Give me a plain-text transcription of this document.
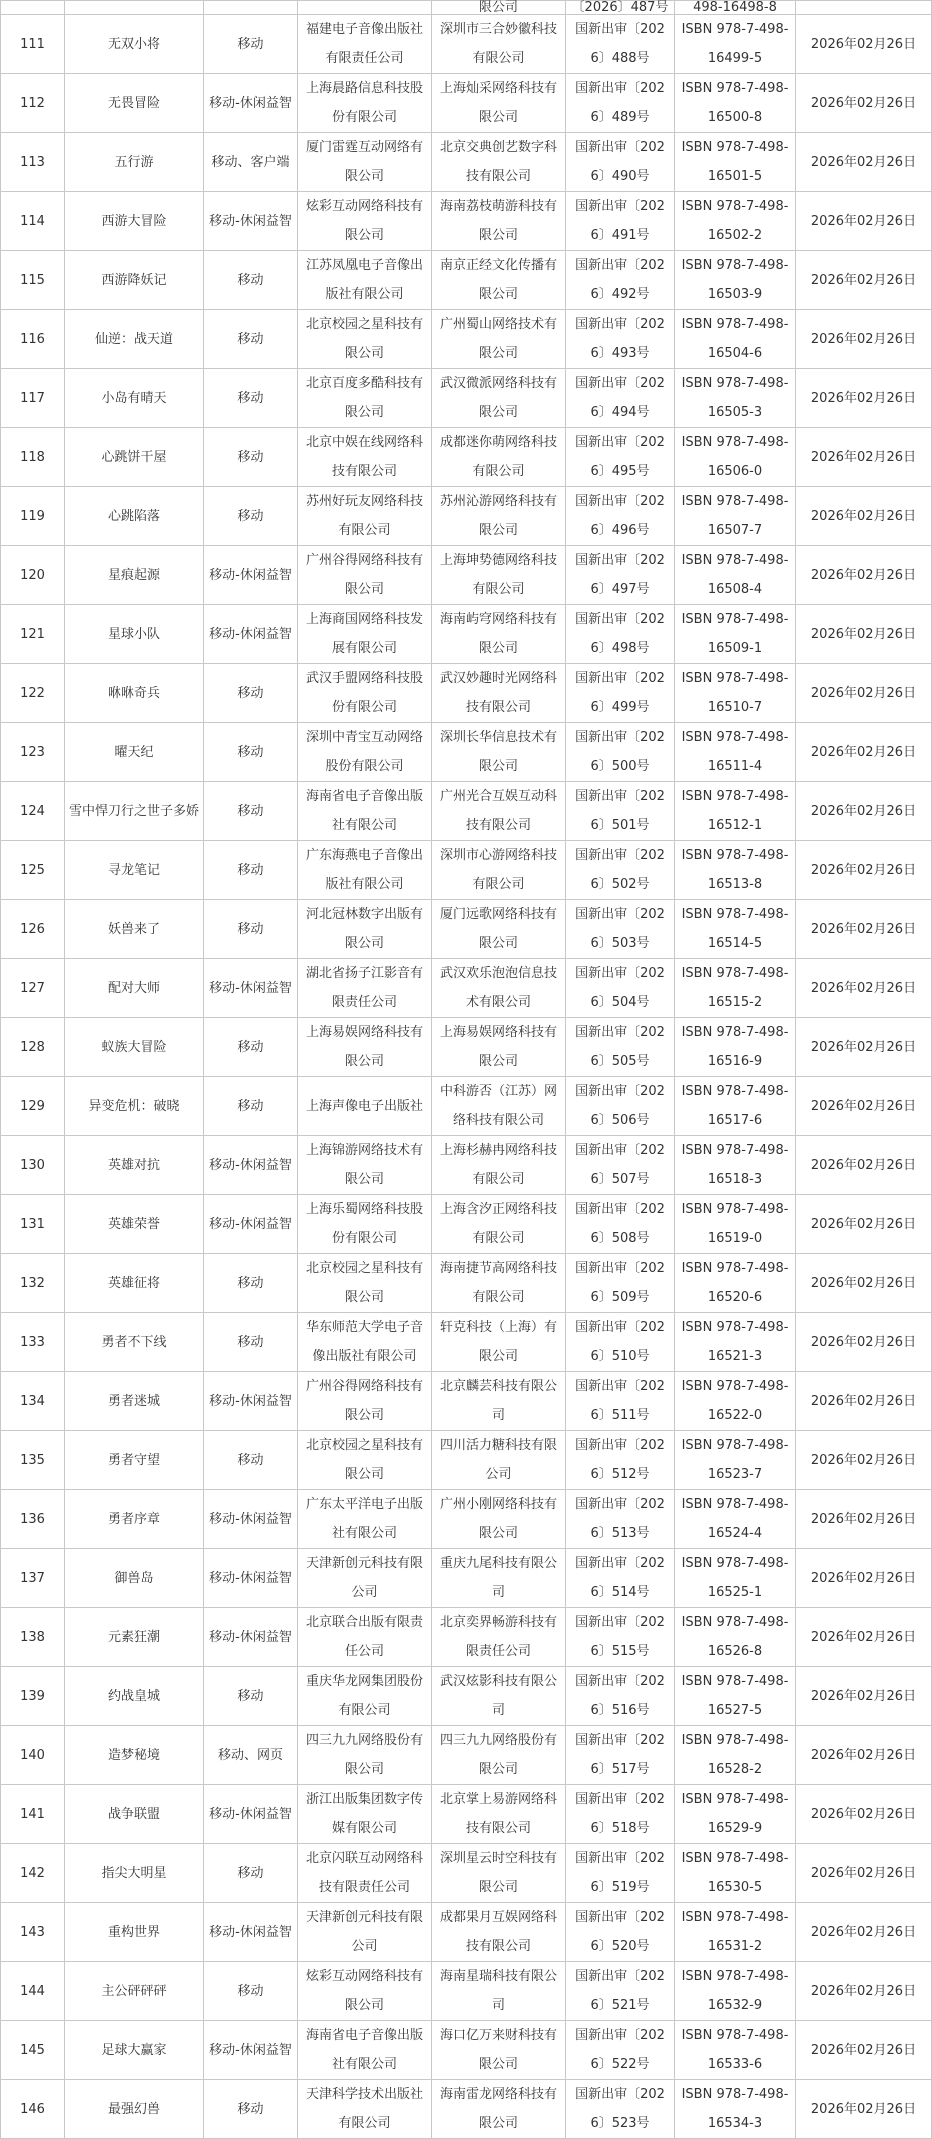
				限公司	〔2026〕487号	498-16498-8	
111	无双小将	移动	福建电子音像出版社有限责任公司	深圳市三合妙徽科技有限公司	国新出审〔2026〕488号	ISBN 978-7-498-16499-5	2026年02月26日
112	无畏冒险	移动-休闲益智	上海晨路信息科技股份有限公司	上海灿采网络科技有限公司	国新出审〔2026〕489号	ISBN 978-7-498-16500-8	2026年02月26日
113	五行游	移动、客户端	厦门雷霆互动网络有限公司	北京交典创艺数字科技有限公司	国新出审〔2026〕490号	ISBN 978-7-498-16501-5	2026年02月26日
114	西游大冒险	移动-休闲益智	炫彩互动网络科技有限公司	海南荔枝萌游科技有限公司	国新出审〔2026〕491号	ISBN 978-7-498-16502-2	2026年02月26日
115	西游降妖记	移动	江苏凤凰电子音像出版社有限公司	南京正经文化传播有限公司	国新出审〔2026〕492号	ISBN 978-7-498-16503-9	2026年02月26日
116	仙逆：战天道	移动	北京校园之星科技有限公司	广州蜀山网络技术有限公司	国新出审〔2026〕493号	ISBN 978-7-498-16504-6	2026年02月26日
117	小岛有晴天	移动	北京百度多酷科技有限公司	武汉微派网络科技有限公司	国新出审〔2026〕494号	ISBN 978-7-498-16505-3	2026年02月26日
118	心跳饼干屋	移动	北京中娱在线网络科技有限公司	成都迷你萌网络科技有限公司	国新出审〔2026〕495号	ISBN 978-7-498-16506-0	2026年02月26日
119	心跳陷落	移动	苏州好玩友网络科技有限公司	苏州沁游网络科技有限公司	国新出审〔2026〕496号	ISBN 978-7-498-16507-7	2026年02月26日
120	星痕起源	移动-休闲益智	广州谷得网络科技有限公司	上海坤势德网络科技有限公司	国新出审〔2026〕497号	ISBN 978-7-498-16508-4	2026年02月26日
121	星球小队	移动-休闲益智	上海商国网络科技发展有限公司	海南屿穹网络科技有限公司	国新出审〔2026〕498号	ISBN 978-7-498-16509-1	2026年02月26日
122	咻咻奇兵	移动	武汉手盟网络科技股份有限公司	武汉妙趣时光网络科技有限公司	国新出审〔2026〕499号	ISBN 978-7-498-16510-7	2026年02月26日
123	曜天纪	移动	深圳中青宝互动网络股份有限公司	深圳长华信息技术有限公司	国新出审〔2026〕500号	ISBN 978-7-498-16511-4	2026年02月26日
124	雪中悍刀行之世子多娇	移动	海南省电子音像出版社有限公司	广州光合互娱互动科技有限公司	国新出审〔2026〕501号	ISBN 978-7-498-16512-1	2026年02月26日
125	寻龙笔记	移动	广东海燕电子音像出版社有限公司	深圳市心游网络科技有限公司	国新出审〔2026〕502号	ISBN 978-7-498-16513-8	2026年02月26日
126	妖兽来了	移动	河北冠林数字出版有限公司	厦门远歌网络科技有限公司	国新出审〔2026〕503号	ISBN 978-7-498-16514-5	2026年02月26日
127	配对大师	移动-休闲益智	湖北省扬子江影音有限责任公司	武汉欢乐泡泡信息技术有限公司	国新出审〔2026〕504号	ISBN 978-7-498-16515-2	2026年02月26日
128	蚁族大冒险	移动	上海易娱网络科技有限公司	上海易娱网络科技有限公司	国新出审〔2026〕505号	ISBN 978-7-498-16516-9	2026年02月26日
129	异变危机：破晓	移动	上海声像电子出版社	中科游否（江苏）网络科技有限公司	国新出审〔2026〕506号	ISBN 978-7-498-16517-6	2026年02月26日
130	英雄对抗	移动-休闲益智	上海锦游网络技术有限公司	上海杉赫冉网络科技有限公司	国新出审〔2026〕507号	ISBN 978-7-498-16518-3	2026年02月26日
131	英雄荣誉	移动-休闲益智	上海乐蜀网络科技股份有限公司	上海含汐正网络科技有限公司	国新出审〔2026〕508号	ISBN 978-7-498-16519-0	2026年02月26日
132	英雄征将	移动	北京校园之星科技有限公司	海南捷节高网络科技有限公司	国新出审〔2026〕509号	ISBN 978-7-498-16520-6	2026年02月26日
133	勇者不下线	移动	华东师范大学电子音像出版社有限公司	轩克科技（上海）有限公司	国新出审〔2026〕510号	ISBN 978-7-498-16521-3	2026年02月26日
134	勇者迷城	移动-休闲益智	广州谷得网络科技有限公司	北京麟芸科技有限公司	国新出审〔2026〕511号	ISBN 978-7-498-16522-0	2026年02月26日
135	勇者守望	移动	北京校园之星科技有限公司	四川活力糖科技有限公司	国新出审〔2026〕512号	ISBN 978-7-498-16523-7	2026年02月26日
136	勇者序章	移动-休闲益智	广东太平洋电子出版社有限公司	广州小刚网络科技有限公司	国新出审〔2026〕513号	ISBN 978-7-498-16524-4	2026年02月26日
137	御兽岛	移动-休闲益智	天津新创元科技有限公司	重庆九尾科技有限公司	国新出审〔2026〕514号	ISBN 978-7-498-16525-1	2026年02月26日
138	元素狂潮	移动-休闲益智	北京联合出版有限责任公司	北京奕界畅游科技有限责任公司	国新出审〔2026〕515号	ISBN 978-7-498-16526-8	2026年02月26日
139	约战皇城	移动	重庆华龙网集团股份有限公司	武汉炫影科技有限公司	国新出审〔2026〕516号	ISBN 978-7-498-16527-5	2026年02月26日
140	造梦秘境	移动、网页	四三九九网络股份有限公司	四三九九网络股份有限公司	国新出审〔2026〕517号	ISBN 978-7-498-16528-2	2026年02月26日
141	战争联盟	移动-休闲益智	浙江出版集团数字传媒有限公司	北京掌上易游网络科技有限公司	国新出审〔2026〕518号	ISBN 978-7-498-16529-9	2026年02月26日
142	指尖大明星	移动	北京闪联互动网络科技有限责任公司	深圳星云时空科技有限公司	国新出审〔2026〕519号	ISBN 978-7-498-16530-5	2026年02月26日
143	重构世界	移动-休闲益智	天津新创元科技有限公司	成都果月互娱网络科技有限公司	国新出审〔2026〕520号	ISBN 978-7-498-16531-2	2026年02月26日
144	主公砰砰砰	移动	炫彩互动网络科技有限公司	海南星瑞科技有限公司	国新出审〔2026〕521号	ISBN 978-7-498-16532-9	2026年02月26日
145	足球大赢家	移动-休闲益智	海南省电子音像出版社有限公司	海口亿万来财科技有限公司	国新出审〔2026〕522号	ISBN 978-7-498-16533-6	2026年02月26日
146	最强幻兽	移动	天津科学技术出版社有限公司	海南雷龙网络科技有限公司	国新出审〔2026〕523号	ISBN 978-7-498-16534-3	2026年02月26日
